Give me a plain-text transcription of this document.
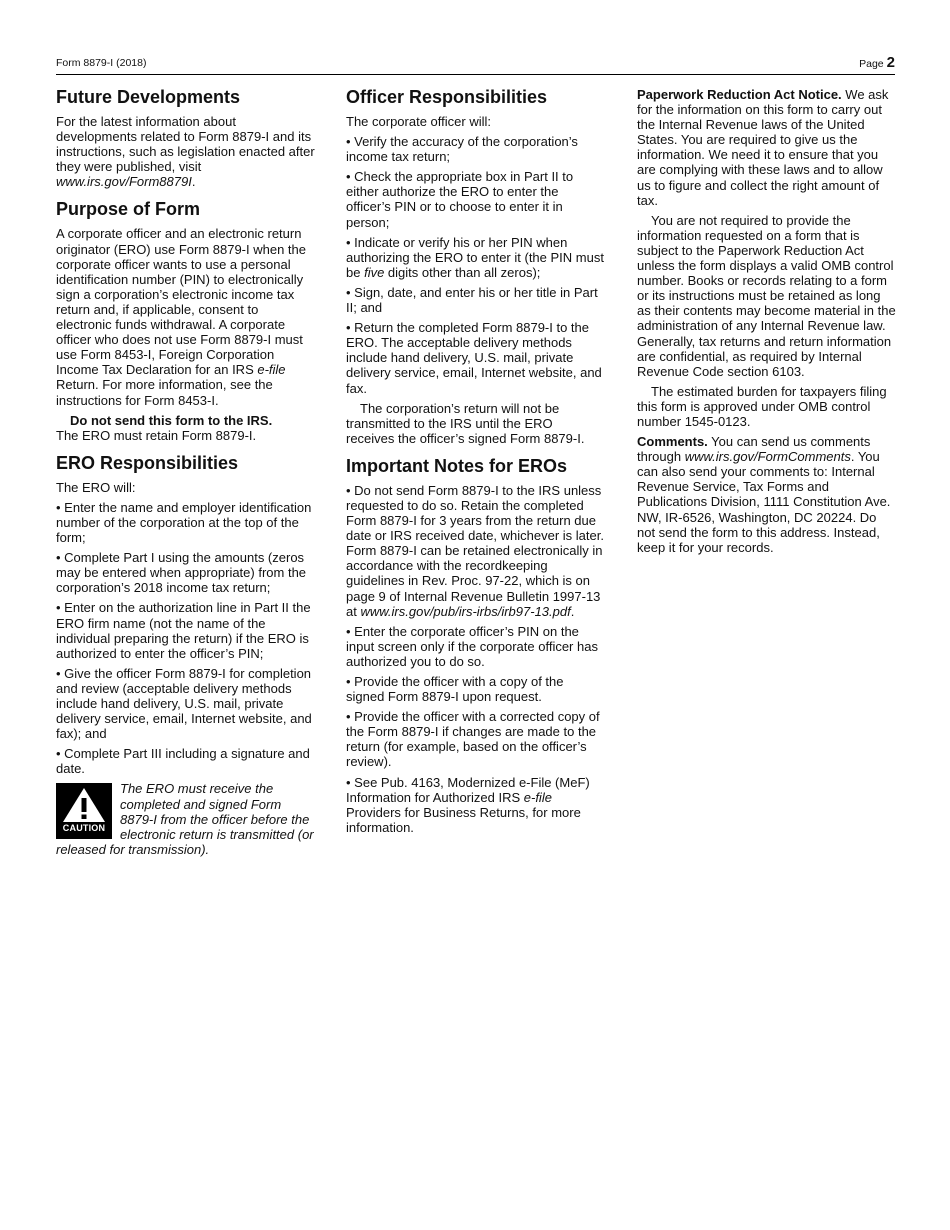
Form 8879-I (2018)	Page 2
Future Developments

For the latest information about developments related to Form 8879-I and its instructions, such as legislation enacted after they were published, visit www.irs.gov/Form8879I.

Purpose of Form

A corporate officer and an electronic return originator (ERO) use Form 8879-I when the corporate officer wants to use a personal identification number (PIN) to electronically sign a corporation’s electronic income tax return and, if applicable, consent to electronic funds withdrawal. A corporate officer who does not use Form 8879-I must use Form 8453-I, Foreign Corporation Income Tax Declaration for an IRS e-file Return. For more information, see the instructions for Form 8453-I.

Do not send this form to the IRS.
The ERO must retain Form 8879-I.

ERO Responsibilities

The ERO will:

• Enter the name and employer identification number of the corporation at the top of the form;

• Complete Part I using the amounts (zeros may be entered when appropriate) from the corporation’s 2018 income tax return;

• Enter on the authorization line in Part II the ERO firm name (not the name of the individual preparing the return) if the ERO is authorized to enter the officer’s PIN;

• Give the officer Form 8879-I for completion and review (acceptable delivery methods include hand delivery, U.S. mail, private delivery service, email, Internet website, and fax); and

• Complete Part III including a signature and date.

CAUTION
The ERO must receive the completed and signed Form 8879-I from the officer before the electronic return is transmitted (or released for transmission).
Officer Responsibilities

The corporate officer will:

• Verify the accuracy of the corporation’s income tax return;

• Check the appropriate box in Part II to either authorize the ERO to enter the officer’s PIN or to choose to enter it in person;

• Indicate or verify his or her PIN when authorizing the ERO to enter it (the PIN must be five digits other than all zeros);

• Sign, date, and enter his or her title in Part II; and

• Return the completed Form 8879-I to the ERO. The acceptable delivery methods include hand delivery, U.S. mail, private delivery service, email, Internet website, and fax.

The corporation’s return will not be transmitted to the IRS until the ERO receives the officer’s signed Form 8879-I.

Important Notes for EROs

• Do not send Form 8879-I to the IRS unless requested to do so. Retain the completed Form 8879-I for 3 years from the return due date or IRS received date, whichever is later. Form 8879-I can be retained electronically in accordance with the recordkeeping guidelines in Rev. Proc. 97-22, which is on page 9 of Internal Revenue Bulletin 1997-13 at www.irs.gov/pub/irs-irbs/irb97-13.pdf.

• Enter the corporate officer’s PIN on the input screen only if the corporate officer has authorized you to do so.

• Provide the officer with a copy of the signed Form 8879-I upon request.

• Provide the officer with a corrected copy of the Form 8879-I if changes are made to the return (for example, based on the officer’s review).

• See Pub. 4163, Modernized e-File (MeF) Information for Authorized IRS e-file Providers for Business Returns, for more information.

Paperwork Reduction Act Notice. We ask for the information on this form to carry out the Internal Revenue laws of the United States. You are required to give us the information. We need it to ensure that you are complying with these laws and to allow us to figure and collect the right amount of tax.

You are not required to provide the information requested on a form that is subject to the Paperwork Reduction Act unless the form displays a valid OMB control number. Books or records relating to a form or its instructions must be retained as long as their contents may become material in the administration of any Internal Revenue law. Generally, tax returns and return information are confidential, as required by Internal Revenue Code section 6103.

The estimated burden for taxpayers filing this form is approved under OMB control number 1545-0123.

Comments. You can send us comments through www.irs.gov/FormComments. You can also send your comments to: Internal Revenue Service, Tax Forms and Publications Division, 1111 Constitution Ave. NW, IR-6526, Washington, DC 20224. Do not send the form to this address. Instead, keep it for your records.
